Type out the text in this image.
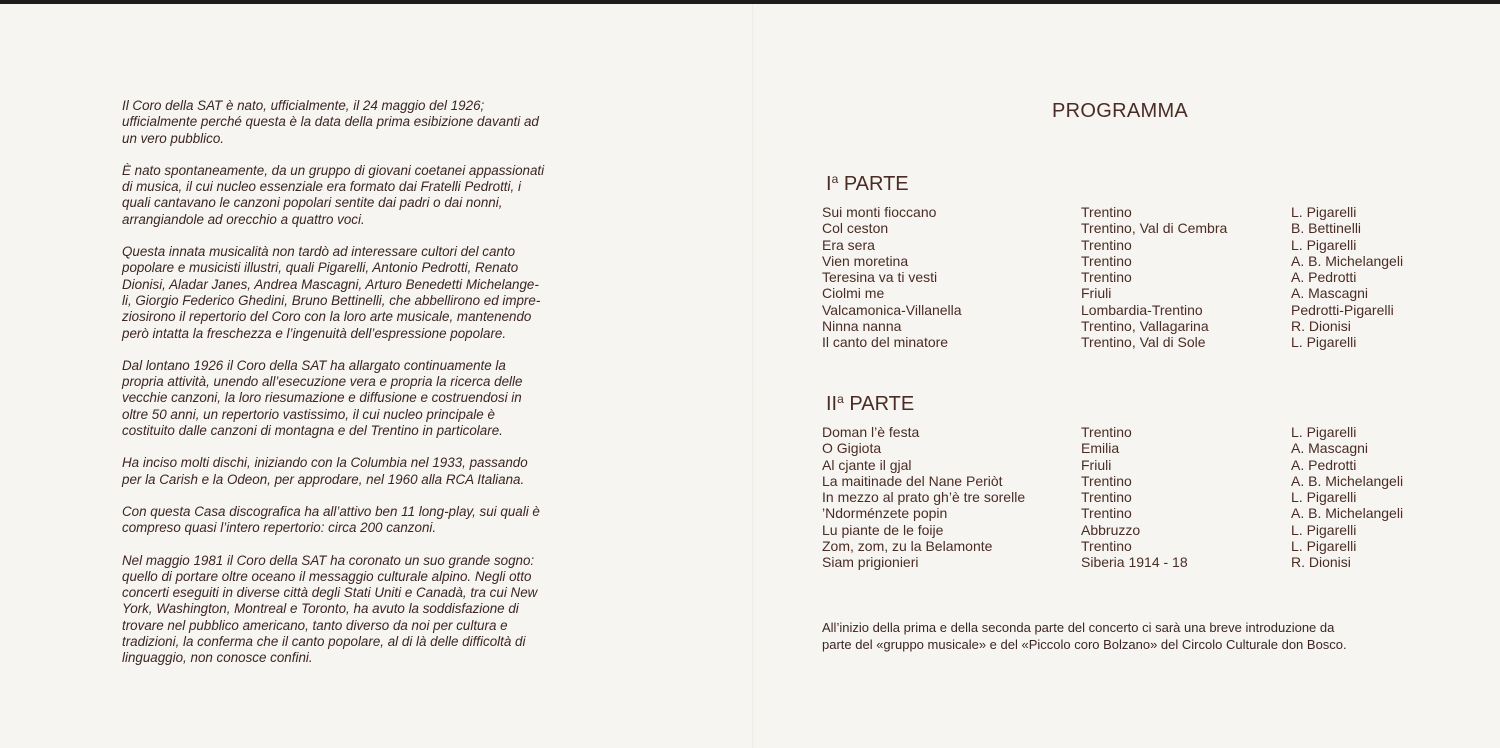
Il Coro della SAT è nato, ufficialmente, il 24 maggio del 1926;
ufficialmente perché questa è la data della prima esibizione davanti ad
un vero pubblico.

È nato spontaneamente, da un gruppo di giovani coetanei appassionati
di musica, il cui nucleo essenziale era formato dai Fratelli Pedrotti, i
quali cantavano le canzoni popolari sentite dai padri o dai nonni,
arrangiandole ad orecchio a quattro voci.

Questa innata musicalità non tardò ad interessare cultori del canto
popolare e musicisti illustri, quali Pigarelli, Antonio Pedrotti, Renato
Dionisi, Aladar Janes, Andrea Mascagni, Arturo Benedetti Michelange-
li, Giorgio Federico Ghedini, Bruno Bettinelli, che abbellirono ed impre-
ziosirono il repertorio del Coro con la loro arte musicale, mantenendo
però intatta la freschezza e l’ingenuità dell’espressione popolare.

Dal lontano 1926 il Coro della SAT ha allargato continuamente la
propria attività, unendo all’esecuzione vera e propria la ricerca delle
vecchie canzoni, la loro riesumazione e diffusione e costruendosi in
oltre 50 anni, un repertorio vastissimo, il cui nucleo principale è
costituito dalle canzoni di montagna e del Trentino in particolare.

Ha inciso molti dischi, iniziando con la Columbia nel 1933, passando
per la Carish e la Odeon, per approdare, nel 1960 alla RCA Italiana.

Con questa Casa discografica ha all’attivo ben 11 long-play, sui quali è
compreso quasi l’intero repertorio: circa 200 canzoni.

Nel maggio 1981 il Coro della SAT ha coronato un suo grande sogno:
quello di portare oltre oceano il messaggio culturale alpino. Negli otto
concerti eseguiti in diverse città degli Stati Uniti e Canadà, tra cui New
York, Washington, Montreal e Toronto, ha avuto la soddisfazione di
trovare nel pubblico americano, tanto diverso da noi per cultura e
tradizioni, la conferma che il canto popolare, al di là delle difficoltà di
linguaggio, non conosce confini.

PROGRAMMA
$I^a$ PARTE
Sui monti fioccano	Trentino	L. Pigarelli
Col ceston	Trentino, Val di Cembra	B. Bettinelli
Era sera	Trentino	L. Pigarelli
Vien moretina	Trentino	A. B. Michelangeli
Teresina va ti vesti	Trentino	A. Pedrotti
Ciolmi me	Friuli	A. Mascagni
Valcamonica-Villanella	Lombardia-Trentino	Pedrotti-Pigarelli
Ninna nanna	Trentino, Vallagarina	R. Dionisi
Il canto del minatore	Trentino, Val di Sole	L. Pigarelli
$II^a$ PARTE
Doman l’è festa	Trentino	L. Pigarelli
O Gigiota	Emilia	A. Mascagni
Al cjante il gjal	Friuli	A. Pedrotti
La maitinade del Nane Periòt	Trentino	A. B. Michelangeli
In mezzo al prato gh’è tre sorelle	Trentino	L. Pigarelli
’Ndorménzete popin	Trentino	A. B. Michelangeli
Lu piante de le foije	Abbruzzo	L. Pigarelli
Zom, zom, zu la Belamonte	Trentino	L. Pigarelli
Siam prigionieri	Siberia 1914 - 18	R. Dionisi
All’inizio della prima e della seconda parte del concerto ci sarà una breve introduzione da
parte del «gruppo musicale» e del «Piccolo coro Bolzano» del Circolo Culturale don Bosco.
